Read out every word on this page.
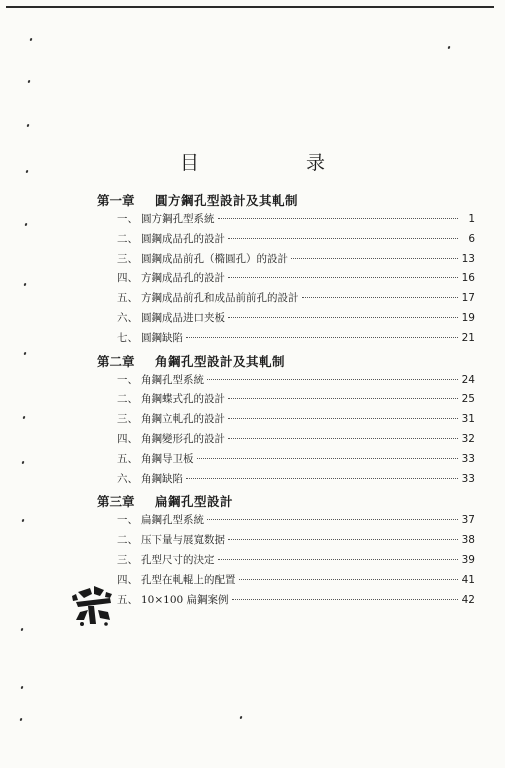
目　录
第一章	圓方鋼孔型設計及其軋制
一、 圓方鋼孔型系統	1
二、 圓鋼成品孔的設計	6
三、 圓鋼成品前孔（橢圓孔）的設計	13
四、 方鋼成品孔的設計	16
五、 方鋼成品前孔和成品前前孔的設計	17
六、 圓鋼成品进口夹板	19
七、 圓鋼缺陷	21
第二章	角鋼孔型設計及其軋制
一、 角鋼孔型系統	24
二、 角鋼蝶式孔的設計	25
三、 角鋼立軋孔的設計	31
四、 角鋼變形孔的設計	32
五、 角鋼导卫板	33
六、 角鋼缺陷	33
第三章	扁鋼孔型設計
一、 扁鋼孔型系統	37
二、 压下量与展寬数据	38
三、 孔型尺寸的決定	39
四、 孔型在軋輥上的配置	41
五、 10×100 扁鋼案例	42
